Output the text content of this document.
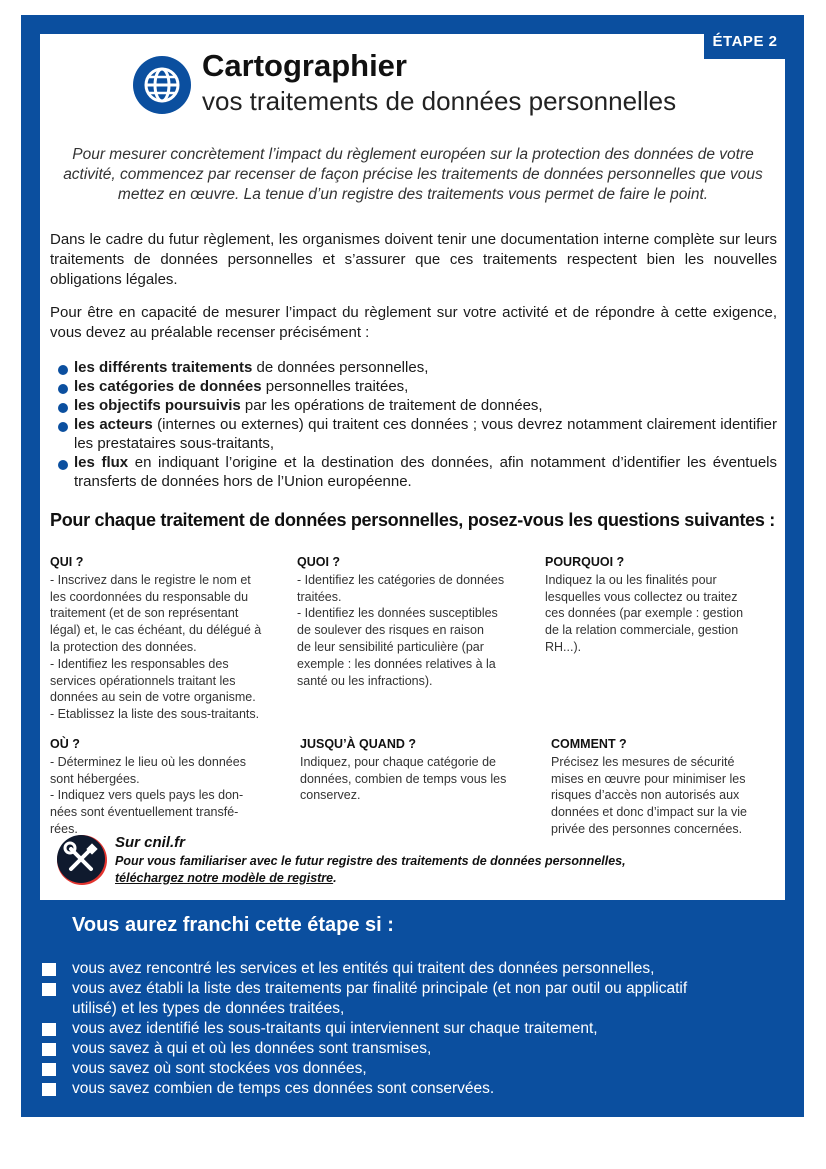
ÉTAPE 2
Cartographier
vos traitements de données personnelles

Pour mesurer concrètement l’impact du règlement européen sur la protection des données de votre activité, commencez par recenser de façon précise les traitements de données personnelles que vous mettez en œuvre. La tenue d’un registre des traitements vous permet de faire le point.

Dans le cadre du futur règlement, les organismes doivent tenir une documentation interne complète sur leurs traitements de données personnelles et s’assurer que ces traitements respectent bien les nouvelles obligations légales.

Pour être en capacité de mesurer l’impact du règlement sur votre activité et de répondre à cette exigence, vous devez au préalable recenser précisément :

les différents traitements de données personnelles,
les catégories de données personnelles traitées,
les objectifs poursuivis par les opérations de traitement de données,
les acteurs (internes ou externes) qui traitent ces données ; vous devrez notamment clairement identifier les prestataires sous-traitants,
les flux en indiquant l’origine et la destination des données, afin notamment d’identifier les éventuels transferts de données hors de l’Union européenne.
Pour chaque traitement de données personnelles, posez-vous les questions suivantes :
QUI ?
- Inscrivez dans le registre le nom et
les coordonnées du responsable du
traitement (et de son représentant
légal) et, le cas échéant, du délégué à
la protection des données.
- Identifiez les responsables des
services opérationnels traitant les
données au sein de votre organisme.
- Etablissez la liste des sous-traitants.
QUOI ?
- Identifiez les catégories de données
traitées.
- Identifiez les données susceptibles
de soulever des risques en raison
de leur sensibilité particulière (par
exemple : les données relatives à la
santé ou les infractions).
POURQUOI ?
Indiquez la ou les finalités pour
lesquelles vous collectez ou traitez
ces données (par exemple : gestion
de la relation commerciale, gestion
RH...).
OÙ ?
- Déterminez le lieu où les données
sont hébergées.
- Indiquez vers quels pays les don-
nées sont éventuellement transfé-
rées.
JUSQU’À QUAND ?
Indiquez, pour chaque catégorie de
données, combien de temps vous les
conservez.
COMMENT ?
Précisez les mesures de sécurité
mises en œuvre pour minimiser les
risques d’accès non autorisés aux
données et donc d’impact sur la vie
privée des personnes concernées.
Sur cnil.fr
Pour vous familiariser avec le futur registre des traitements de données personnelles,
téléchargez notre modèle de registre.
Vous aurez franchi cette étape si :
vous avez rencontré les services et les entités qui traitent des données personnelles,
vous avez établi la liste des traitements par finalité principale (et non par outil ou applicatif utilisé) et les types de données traitées,
vous avez identifié les sous-traitants qui interviennent sur chaque traitement,
vous savez à qui et où les données sont transmises,
vous savez où sont stockées vos données,
vous savez combien de temps ces données sont conservées.
